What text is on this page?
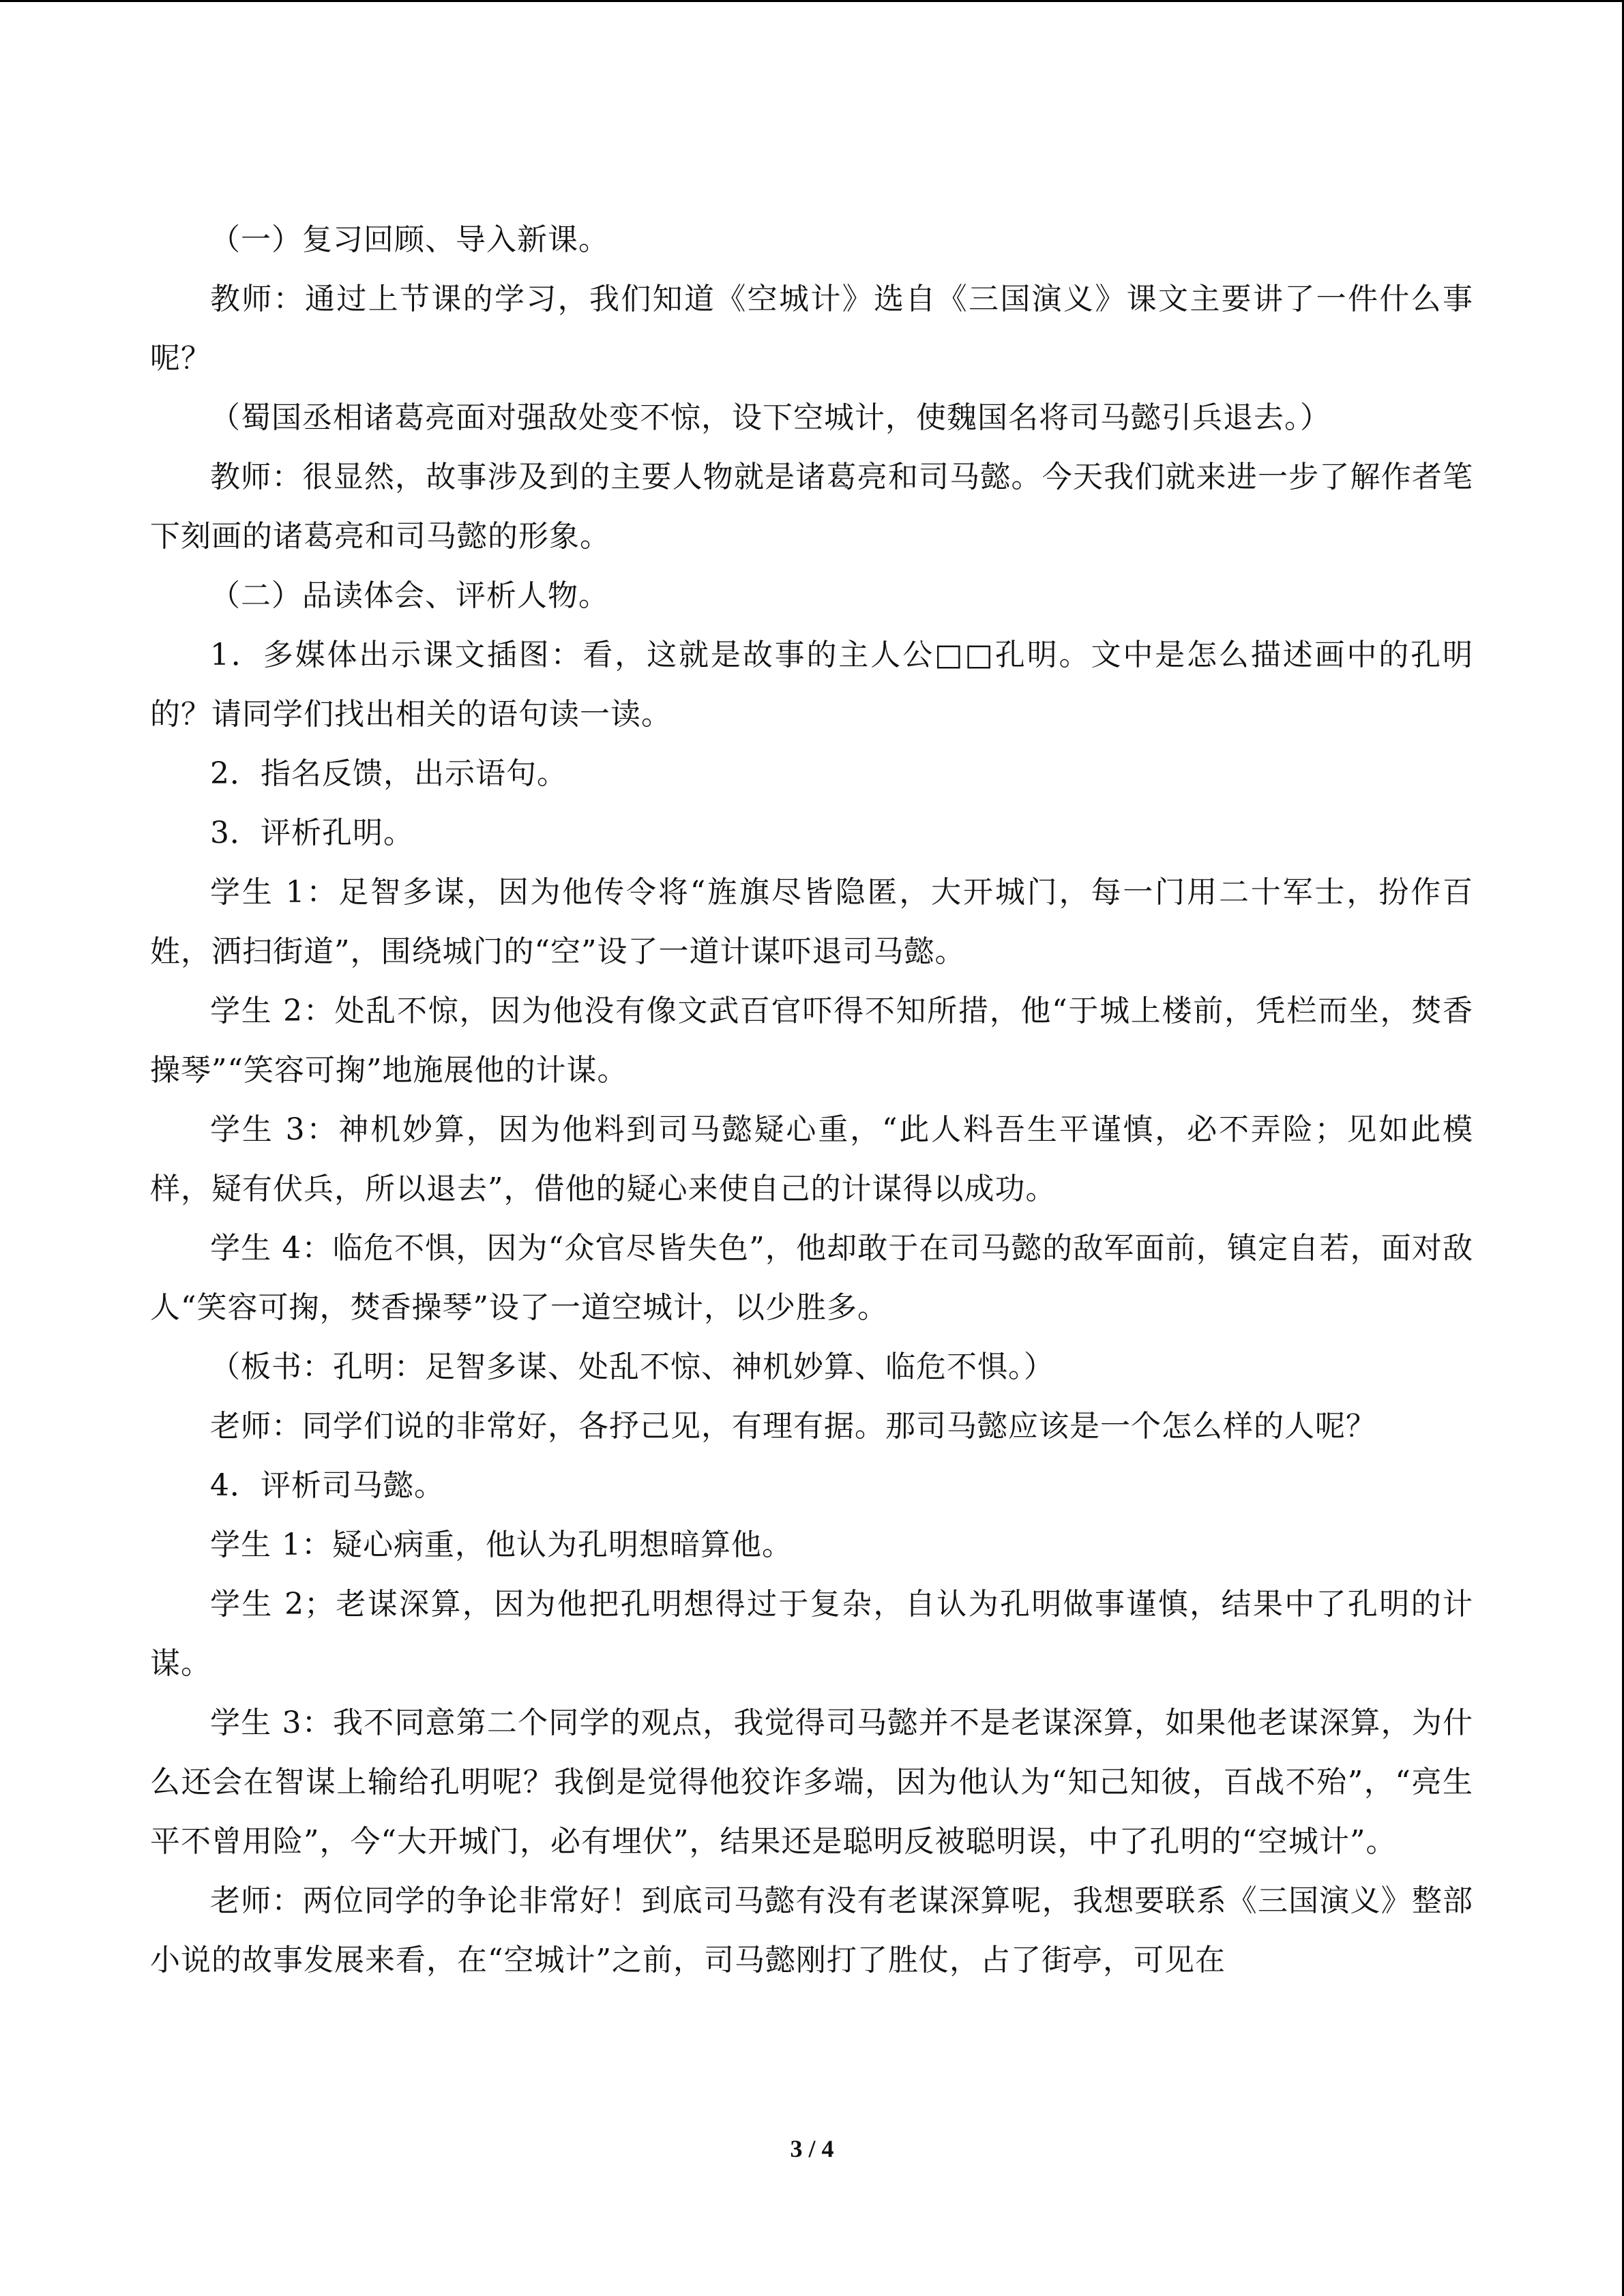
（一）复习回顾、导入新课。

教师：通过上节课的学习，我们知道《空城计》选自《三国演义》课文主要讲了一件什么事呢？

（蜀国丞相诸葛亮面对强敌处变不惊，设下空城计，使魏国名将司马懿引兵退去。）

教师：很显然，故事涉及到的主要人物就是诸葛亮和司马懿。今天我们就来进一步了解作者笔下刻画的诸葛亮和司马懿的形象。

（二）品读体会、评析人物。

1．多媒体出示课文插图：看，这就是故事的主人公□□孔明。文中是怎么描述画中的孔明的？请同学们找出相关的语句读一读。

2．指名反馈，出示语句。

3．评析孔明。

学生 1：足智多谋，因为他传令将“旌旗尽皆隐匿，大开城门，每一门用二十军士，扮作百姓，洒扫街道”，围绕城门的“空”设了一道计谋吓退司马懿。

学生 2：处乱不惊，因为他没有像文武百官吓得不知所措，他“于城上楼前，凭栏而坐，焚香操琴”“笑容可掬”地施展他的计谋。

学生 3：神机妙算，因为他料到司马懿疑心重，“此人料吾生平谨慎，必不弄险；见如此模样，疑有伏兵，所以退去”，借他的疑心来使自己的计谋得以成功。

学生 4：临危不惧，因为“众官尽皆失色”，他却敢于在司马懿的敌军面前，镇定自若，面对敌人“笑容可掬，焚香操琴”设了一道空城计，以少胜多。

（板书：孔明：足智多谋、处乱不惊、神机妙算、临危不惧。）

老师：同学们说的非常好，各抒己见，有理有据。那司马懿应该是一个怎么样的人呢？

4．评析司马懿。

学生 1：疑心病重，他认为孔明想暗算他。

学生 2；老谋深算，因为他把孔明想得过于复杂，自认为孔明做事谨慎，结果中了孔明的计谋。

学生 3：我不同意第二个同学的观点，我觉得司马懿并不是老谋深算，如果他老谋深算，为什么还会在智谋上输给孔明呢？我倒是觉得他狡诈多端，因为他认为“知己知彼，百战不殆”，“亮生平不曾用险”，今“大开城门，必有埋伏”，结果还是聪明反被聪明误，中了孔明的“空城计”。

老师：两位同学的争论非常好！到底司马懿有没有老谋深算呢，我想要联系《三国演义》整部小说的故事发展来看，在“空城计”之前，司马懿刚打了胜仗，占了街亭，可见在

3 / 4
